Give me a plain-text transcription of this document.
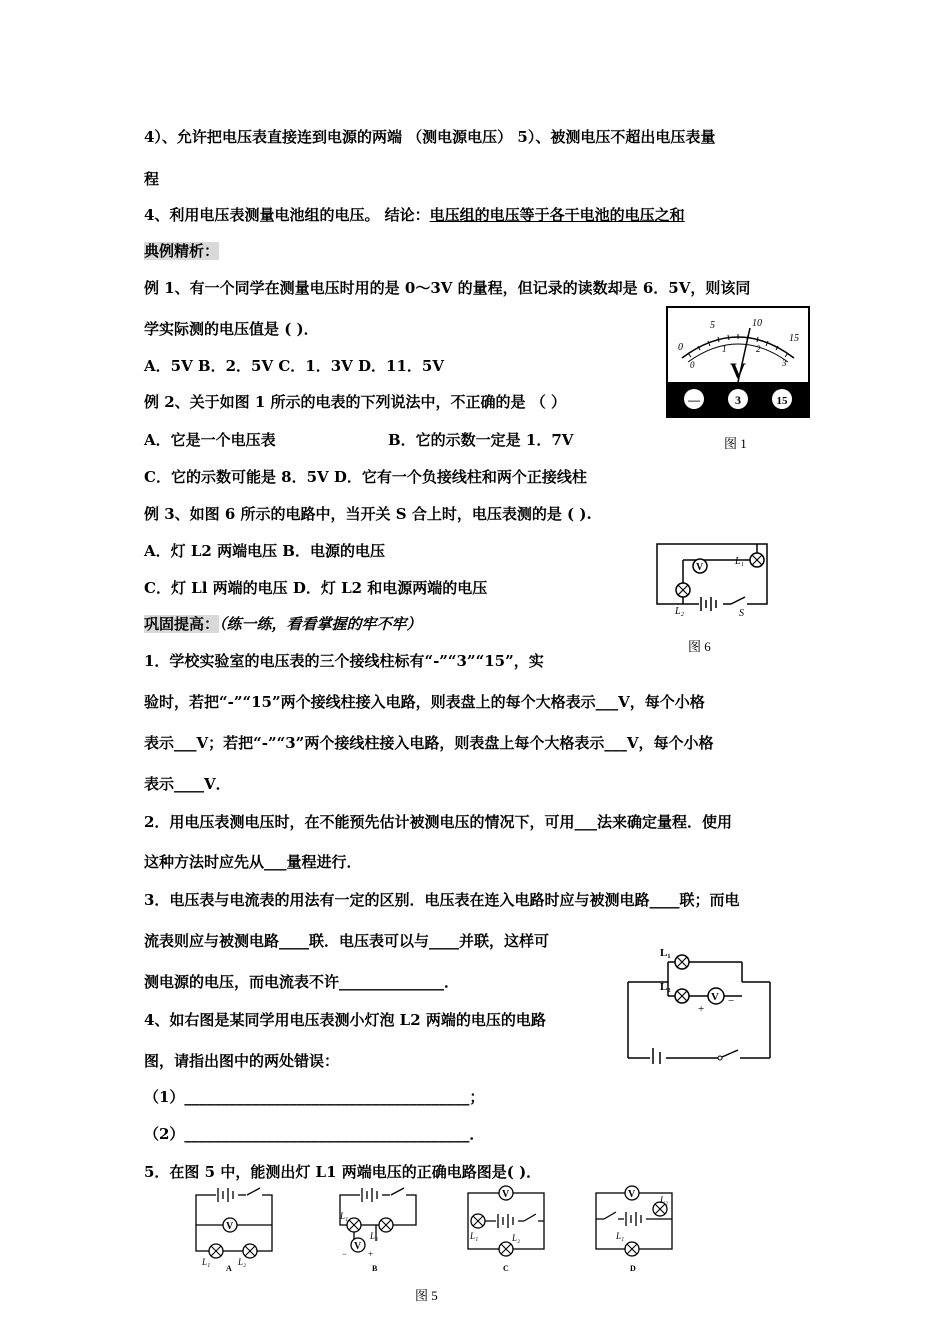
4）、允许把电压表直接连到电源的两端 （测电源电压） 5）、被测电压不超出电压表量
程
4、利用电压表测量电池组的电压。 结论：电压组的电压等于各干电池的电压之和
典例精析：
例 1、有一个同学在测量电压时用的是 0～3V 的量程，但记录的读数却是 6．5V，则该同
学实际测的电压值是 ( )．
A．5V B．2．5V C．1．3V D．11．5V
例 2、关于如图 1 所示的电表的下列说法中，不正确的是 （ ）
A．它是一个电压表	B．它的示数一定是 1．7V
C．它的示数可能是 8．5V D．它有一个负接线柱和两个正接线柱
例 3、如图 6 所示的电路中，当开关 S 合上时，电压表测的是 ( ).
A．灯 L2 两端电压 B．电源的电压
C．灯 Ll 两端的电压 D．灯 L2 和电源两端的电压
巩固提高：（练一练，看看掌握的牢不牢）
1．学校实验室的电压表的三个接线柱标有“-”“3”“15”，实
验时，若把“-”“15”两个接线柱接入电路，则表盘上的每个大格表示___V，每个小格
表示___V；若把“-”“3”两个接线柱接入电路，则表盘上每个大格表示___V，每个小格
表示____V．
2．用电压表测电压时，在不能预先估计被测电压的情况下，可用___法来确定量程．使用
这种方法时应先从___量程进行．
3．电压表与电流表的用法有一定的区别．电压表在连入电路时应与被测电路____联；而电
流表则应与被测电路____联．电压表可以与____并联，这样可
测电源的电压，而电流表不许______________．
4、如右图是某同学用电压表测小灯泡 L2 两端的电压的电路
图，请指出图中的两处错误：
（1）______________________________________；
（2）______________________________________．
5．在图 5 中，能测出灯 L1 两端电压的正确电路图是( )．
0
5	10
15
0
1	2
3
V
—	3	15
图 1
V
L₁
L₂	S
图 6
L₁
L₂
V
+
−
V
L₁	L₂
A
V
L₁
L₂
− +
B
V
L₁	L₂
C
V
L₁
L₂
D
图 5
